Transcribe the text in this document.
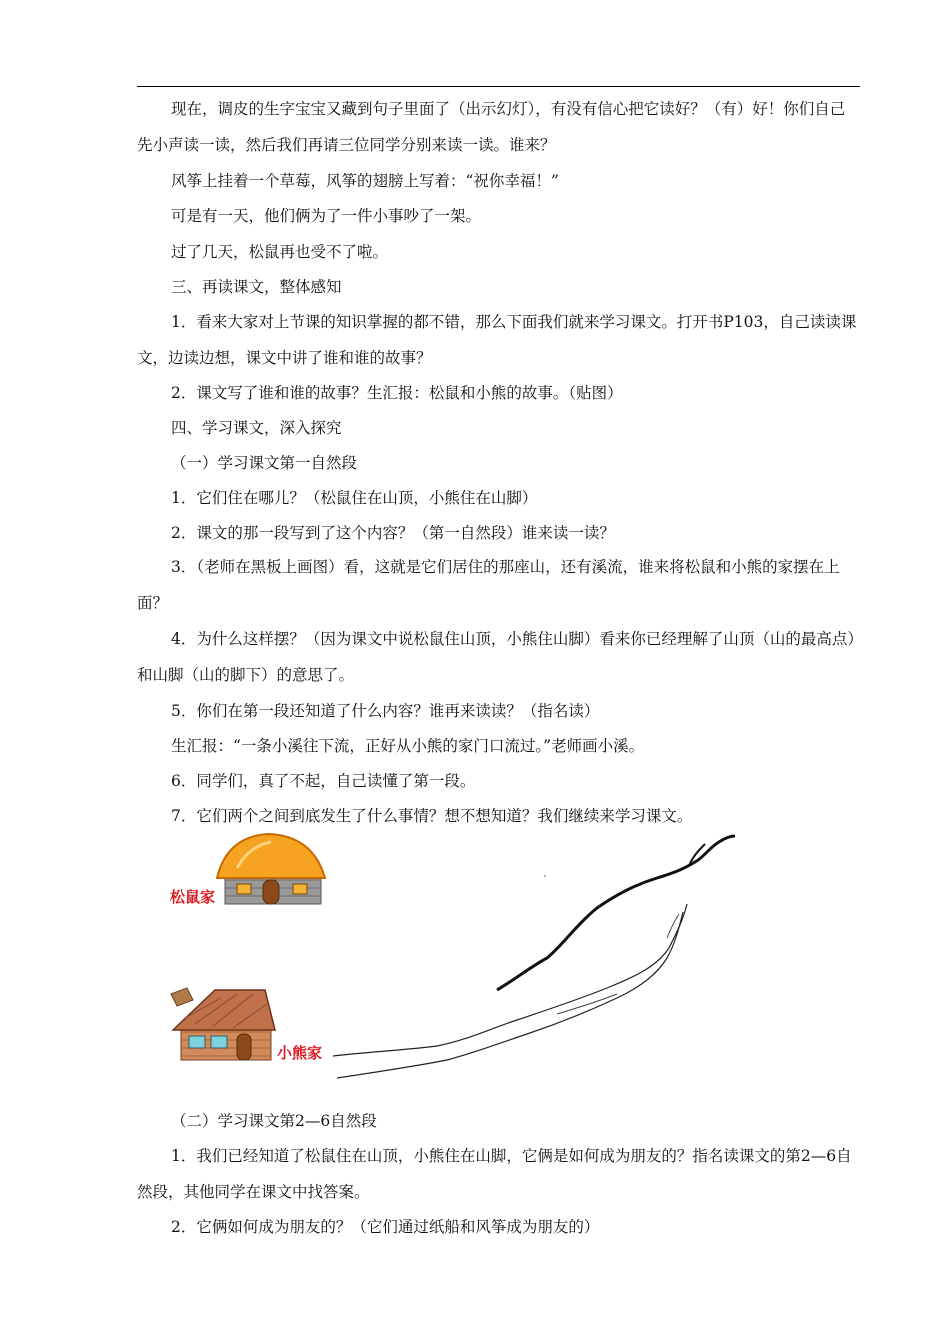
现在，调皮的生字宝宝又藏到句子里面了（出示幻灯），有没有信心把它读好？（有）好！你们自己先小声读一读，然后我们再请三位同学分别来读一读。谁来？
风筝上挂着一个草莓，风筝的翅膀上写着：“祝你幸福！”
可是有一天，他们俩为了一件小事吵了一架。
过了几天，松鼠再也受不了啦。
三、再读课文，整体感知
1．看来大家对上节课的知识掌握的都不错，那么下面我们就来学习课文。打开书P103，自己读读课文，边读边想，课文中讲了谁和谁的故事？
2．课文写了谁和谁的故事？生汇报：松鼠和小熊的故事。（贴图）
四、学习课文，深入探究
（一）学习课文第一自然段
1．它们住在哪儿？（松鼠住在山顶，小熊住在山脚）
2．课文的那一段写到了这个内容？（第一自然段）谁来读一读？
3．（老师在黑板上画图）看，这就是它们居住的那座山，还有溪流，谁来将松鼠和小熊的家摆在上面？
4．为什么这样摆？（因为课文中说松鼠住山顶，小熊住山脚）看来你已经理解了山顶（山的最高点）和山脚（山的脚下）的意思了。
5．你们在第一段还知道了什么内容？谁再来读读？（指名读）
生汇报：“一条小溪往下流，正好从小熊的家门口流过。”老师画小溪。
6．同学们，真了不起，自己读懂了第一段。
7．它们两个之间到底发生了什么事情？想不想知道？我们继续来学习课文。
松鼠家
小熊家
（二）学习课文第2—6自然段
1．我们已经知道了松鼠住在山顶，小熊住在山脚，它俩是如何成为朋友的？指名读课文的第2—6自然段，其他同学在课文中找答案。
2．它俩如何成为朋友的？（它们通过纸船和风筝成为朋友的）
